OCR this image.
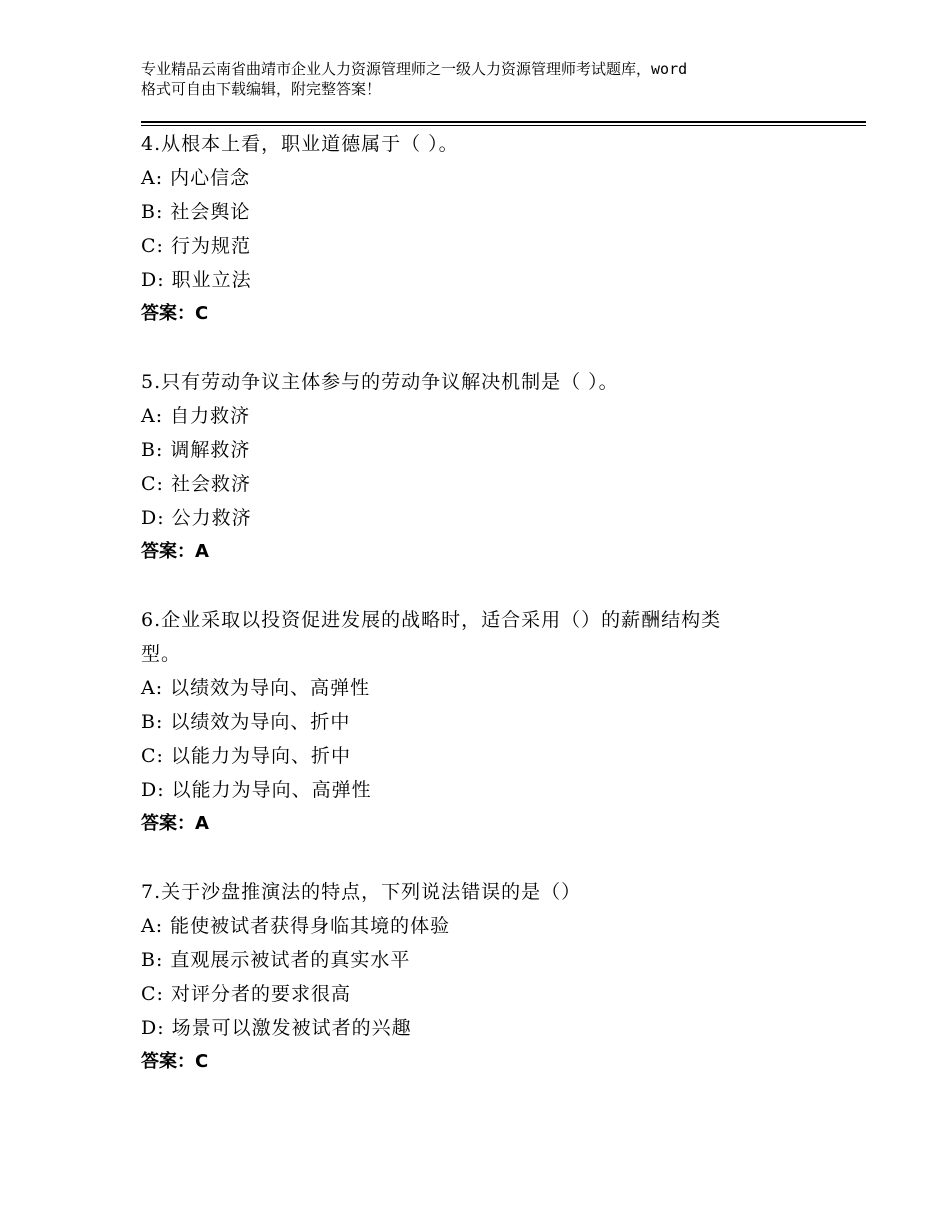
专业精品云南省曲靖市企业人力资源管理师之一级人力资源管理师考试题库，word
格式可自由下载编辑，附完整答案！
4.从根本上看，职业道德属于（ ）。
A: 内心信念
B: 社会舆论
C: 行为规范
D: 职业立法
答案：C
5.只有劳动争议主体参与的劳动争议解决机制是（ ）。
A: 自力救济
B: 调解救济
C: 社会救济
D: 公力救济
答案：A
6.企业采取以投资促进发展的战略时，适合采用（）的薪酬结构类
型。
A: 以绩效为导向、高弹性
B: 以绩效为导向、折中
C: 以能力为导向、折中
D: 以能力为导向、高弹性
答案：A
7.关于沙盘推演法的特点，下列说法错误的是（）
A: 能使被试者获得身临其境的体验
B: 直观展示被试者的真实水平
C: 对评分者的要求很高
D: 场景可以激发被试者的兴趣
答案：C
